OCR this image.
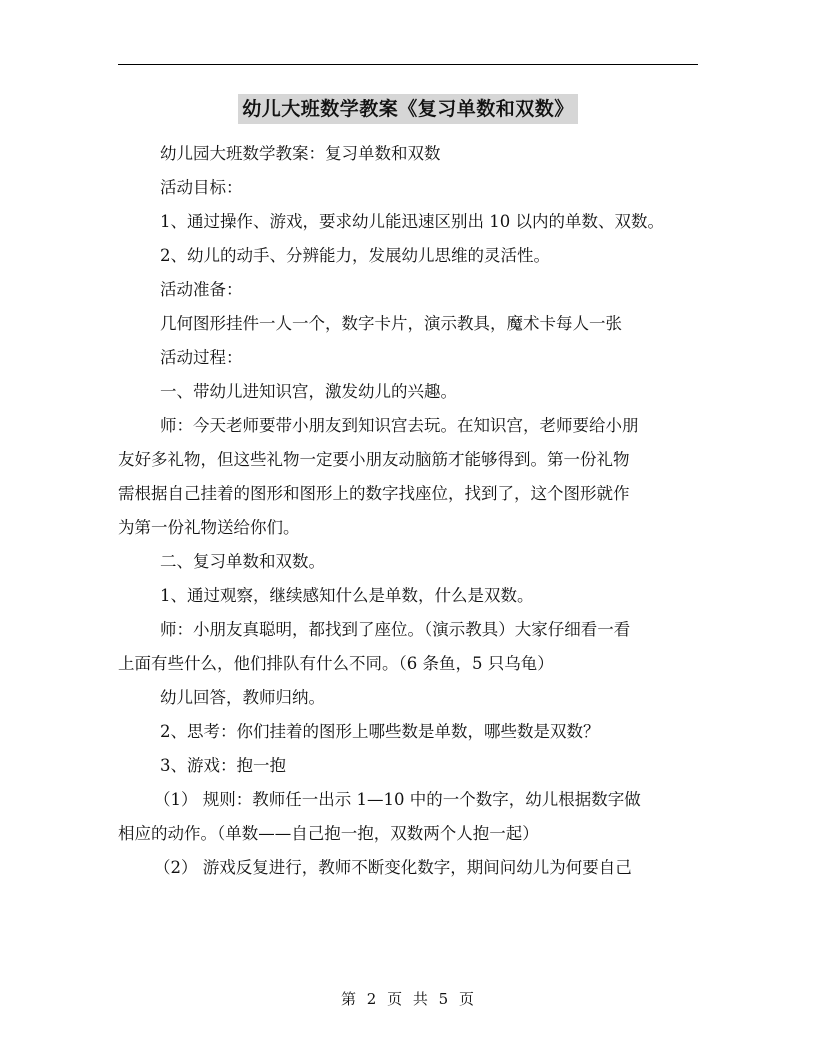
幼儿大班数学教案《复习单数和双数》

幼儿园大班数学教案：复习单数和双数

活动目标：

1、通过操作、游戏，要求幼儿能迅速区别出 10 以内的单数、双数。

2、幼儿的动手、分辨能力，发展幼儿思维的灵活性。

活动准备：

几何图形挂件一人一个，数字卡片，演示教具，魔术卡每人一张

活动过程：

一、带幼儿进知识宫，激发幼儿的兴趣。

师：今天老师要带小朋友到知识宫去玩。在知识宫，老师要给小朋

友好多礼物，但这些礼物一定要小朋友动脑筋才能够得到。第一份礼物

需根据自己挂着的图形和图形上的数字找座位，找到了，这个图形就作

为第一份礼物送给你们。

二、复习单数和双数。

1、通过观察，继续感知什么是单数，什么是双数。

师：小朋友真聪明，都找到了座位。（演示教具）大家仔细看一看

上面有些什么，他们排队有什么不同。（6 条鱼，5 只乌龟）

幼儿回答，教师归纳。

2、思考：你们挂着的图形上哪些数是单数，哪些数是双数？

3、游戏：抱一抱

（1） 规则：教师任一出示 1—10 中的一个数字，幼儿根据数字做

相应的动作。（单数——自己抱一抱，双数两个人抱一起）

（2） 游戏反复进行，教师不断变化数字，期间问幼儿为何要自己

第 2 页 共 5 页
